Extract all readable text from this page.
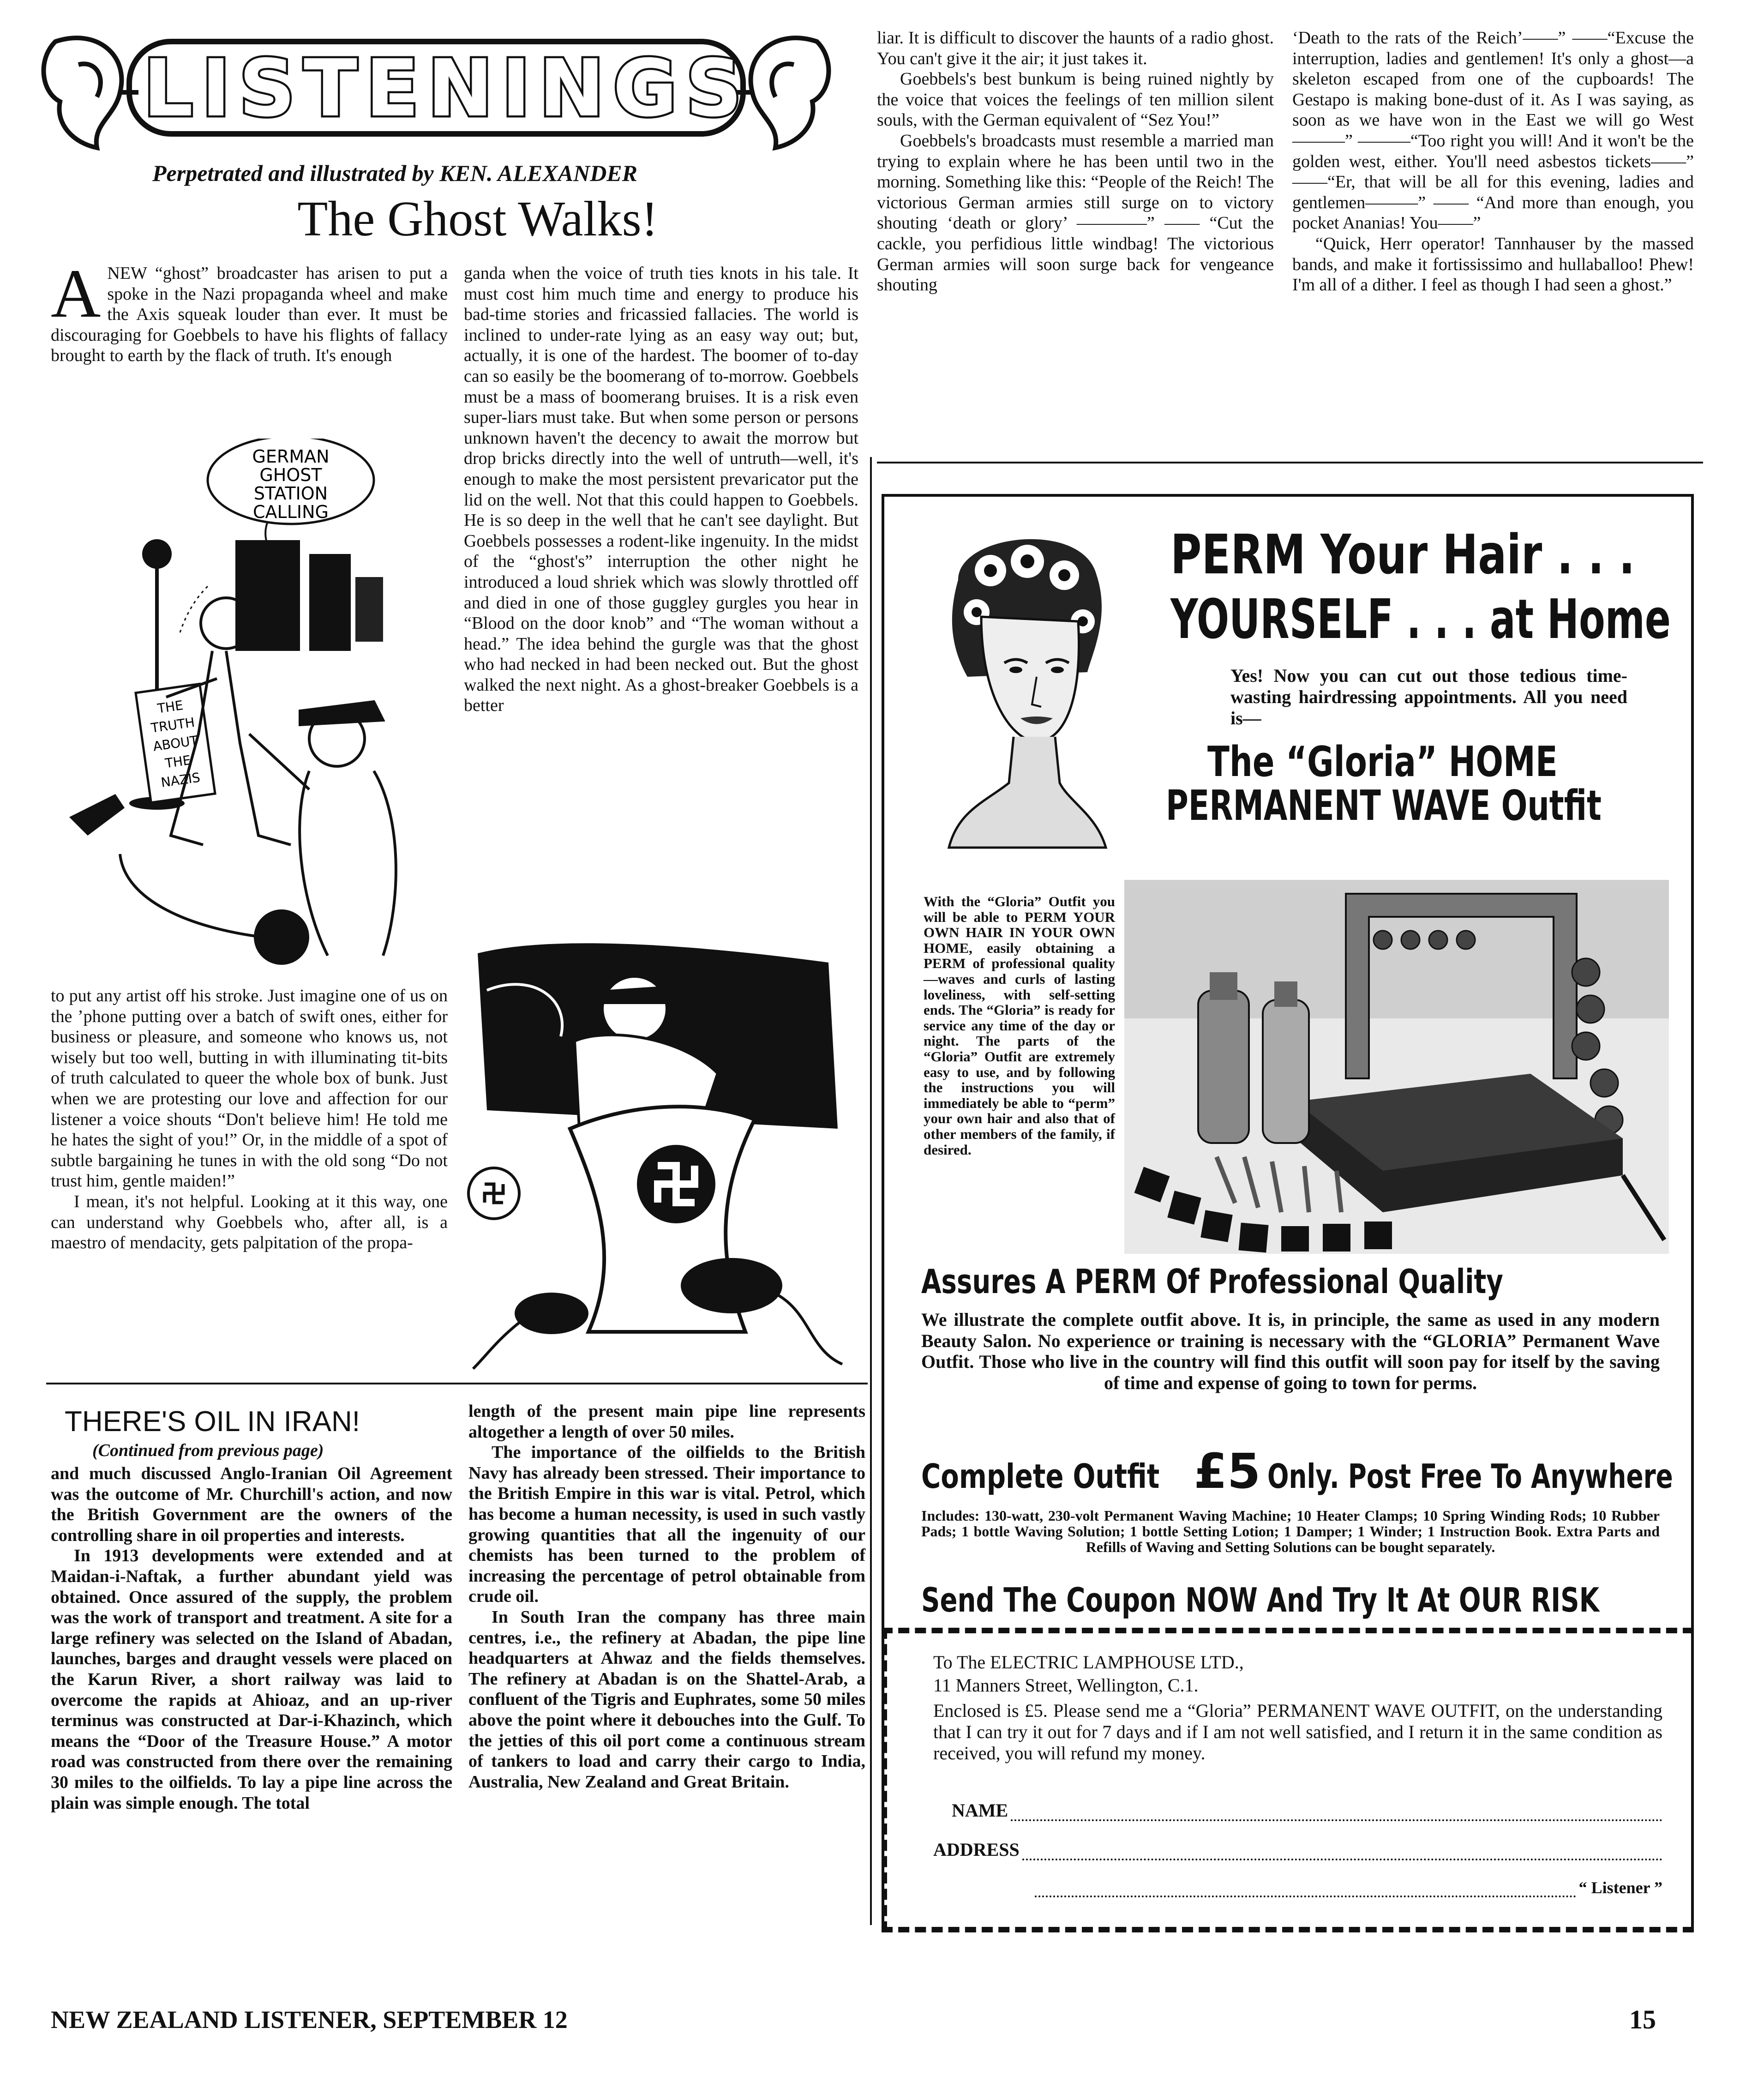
LISTENINGS
Perpetrated and illustrated by KEN. ALEXANDER
The Ghost Walks!

ANEW “ghost” broadcaster has arisen to put a spoke in the Nazi propaganda wheel and make the Axis squeak louder than ever. It must be discouraging for Goebbels to have his flights of fallacy brought to earth by the flack of truth. It's enough

GERMAN
GHOST
STATION
CALLING
THE
TRUTH
ABOUT
THE
NAZIS

to put any artist off his stroke. Just imagine one of us on the ’phone putting over a batch of swift ones, either for business or pleasure, and someone who knows us, not wisely but too well, butting in with illuminating tit-bits of truth calculated to queer the whole box of bunk. Just when we are protesting our love and affection for our listener a voice shouts “Don't believe him! He told me he hates the sight of you!” Or, in the middle of a spot of subtle bargaining he tunes in with the old song “Do not trust him, gentle maiden!”

I mean, it's not helpful. Looking at it this way, one can understand why Goebbels who, after all, is a maestro of mendacity, gets palpitation of the propa-

ganda when the voice of truth ties knots in his tale. It must cost him much time and energy to produce his bad-time stories and fricassied fallacies. The world is inclined to under-rate lying as an easy way out; but, actually, it is one of the hardest. The boomer of to-day can so easily be the boomerang of to-morrow. Goebbels must be a mass of boomerang bruises. It is a risk even super-liars must take. But when some person or persons unknown haven't the decency to await the morrow but drop bricks directly into the well of untruth—well, it's enough to make the most persistent prevaricator put the lid on the well. Not that this could happen to Goebbels. He is so deep in the well that he can't see daylight. But Goebbels possesses a rodent-like ingenuity. In the midst of the “ghost's” interruption the other night he introduced a loud shriek which was slowly throttled off and died in one of those guggley gurgles you hear in “Blood on the door knob” and “The woman without a head.” The idea behind the gurgle was that the ghost who had necked in had been necked out. But the ghost walked the next night. As a ghost-breaker Goebbels is a better

liar. It is difficult to discover the haunts of a radio ghost. You can't give it the air; it just takes it.

Goebbels's best bunkum is being ruined nightly by the voice that voices the feelings of ten million silent souls, with the German equivalent of “Sez You!”

Goebbels's broadcasts must resemble a married man trying to explain where he has been until two in the morning. Something like this: “People of the Reich! The victorious German armies still surge on to victory shouting ‘death or glory’ ————” —— “Cut the cackle, you perfidious little windbag! The victorious German armies will soon surge back for vengeance shouting

‘Death to the rats of the Reich’——” ——“Excuse the interruption, ladies and gentlemen! It's only a ghost—a skeleton escaped from one of the cupboards! The Gestapo is making bone-dust of it. As I was saying, as soon as we have won in the East we will go West———” ———“Too right you will! And it won't be the golden west, either. You'll need asbestos tickets——” ——“Er, that will be all for this evening, ladies and gentlemen———” —— “And more than enough, you pocket Ananias! You——”

“Quick, Herr operator! Tannhauser by the massed bands, and make it fortississimo and hullaballoo! Phew! I'm all of a dither. I feel as though I had seen a ghost.”

THERE'S OIL IN IRAN!
(Continued from previous page)

and much discussed Anglo-Iranian Oil Agreement was the outcome of Mr. Churchill's action, and now the British Government are the owners of the controlling share in oil properties and interests.

In 1913 developments were extended and at Maidan-i-Naftak, a further abundant yield was obtained. Once assured of the supply, the problem was the work of transport and treatment. A site for a large refinery was selected on the Island of Abadan, launches, barges and draught vessels were placed on the Karun River, a short railway was laid to overcome the rapids at Ahioaz, and an up-river terminus was constructed at Dar-i-Khazinch, which means the “Door of the Treasure House.” A motor road was constructed from there over the remaining 30 miles to the oilfields. To lay a pipe line across the plain was simple enough. The total

length of the present main pipe line represents altogether a length of over 50 miles.

The importance of the oilfields to the British Navy has already been stressed. Their importance to the British Empire in this war is vital. Petrol, which has become a human necessity, is used in such vastly growing quantities that all the ingenuity of our chemists has been turned to the problem of increasing the percentage of petrol obtainable from crude oil.

In South Iran the company has three main centres, i.e., the refinery at Abadan, the pipe line headquarters at Ahwaz and the fields themselves. The refinery at Abadan is on the Shattel-Arab, a confluent of the Tigris and Euphrates, some 50 miles above the point where it debouches into the Gulf. To the jetties of this oil port come a continuous stream of tankers to load and carry their cargo to India, Australia, New Zealand and Great Britain.

PERM Your Hair . . .
YOURSELF . . . at Home
Yes! Now you can cut out those tedious time-wasting hairdressing appointments. All you need is—
The “Gloria” HOME
PERMANENT WAVE Outfit
With the “Gloria” Outfit you will be able to PERM YOUR OWN HAIR IN YOUR OWN HOME, easily obtaining a PERM of professional quality—waves and curls of lasting loveliness, with self-setting ends. The “Gloria” is ready for service any time of the day or night. The parts of the “Gloria” Outfit are extremely easy to use, and by following the instructions you will immediately be able to “perm” your own hair and also that of other members of the family, if desired.
Assures A PERM Of Professional Quality
We illustrate the complete outfit above. It is, in principle, the same as used in any modern Beauty Salon. No experience or training is necessary with the “GLORIA” Permanent Wave Outfit. Those who live in the country will find this outfit will soon pay for itself by the saving of time and expense of going to town for perms.
Complete Outfit £5 Only. Post Free To Anywhere
Includes: 130-watt, 230-volt Permanent Waving Machine; 10 Heater Clamps; 10 Spring Winding Rods; 10 Rubber Pads; 1 bottle Waving Solution; 1 bottle Setting Lotion; 1 Damper; 1 Winder; 1 Instruction Book. Extra Parts and Refills of Waving and Setting Solutions can be bought separately.
Send The Coupon NOW And Try It At OUR RISK
To The ELECTRIC LAMPHOUSE LTD.,
11 Manners Street, Wellington, C.1.
Enclosed is £5. Please send me a “Gloria” PERMANENT WAVE OUTFIT, on the understanding that I can try it out for 7 days and if I am not well satisfied, and I return it in the same condition as received, you will refund my money.
NAME
ADDRESS
“ Listener ”
NEW ZEALAND LISTENER, SEPTEMBER 12	15
